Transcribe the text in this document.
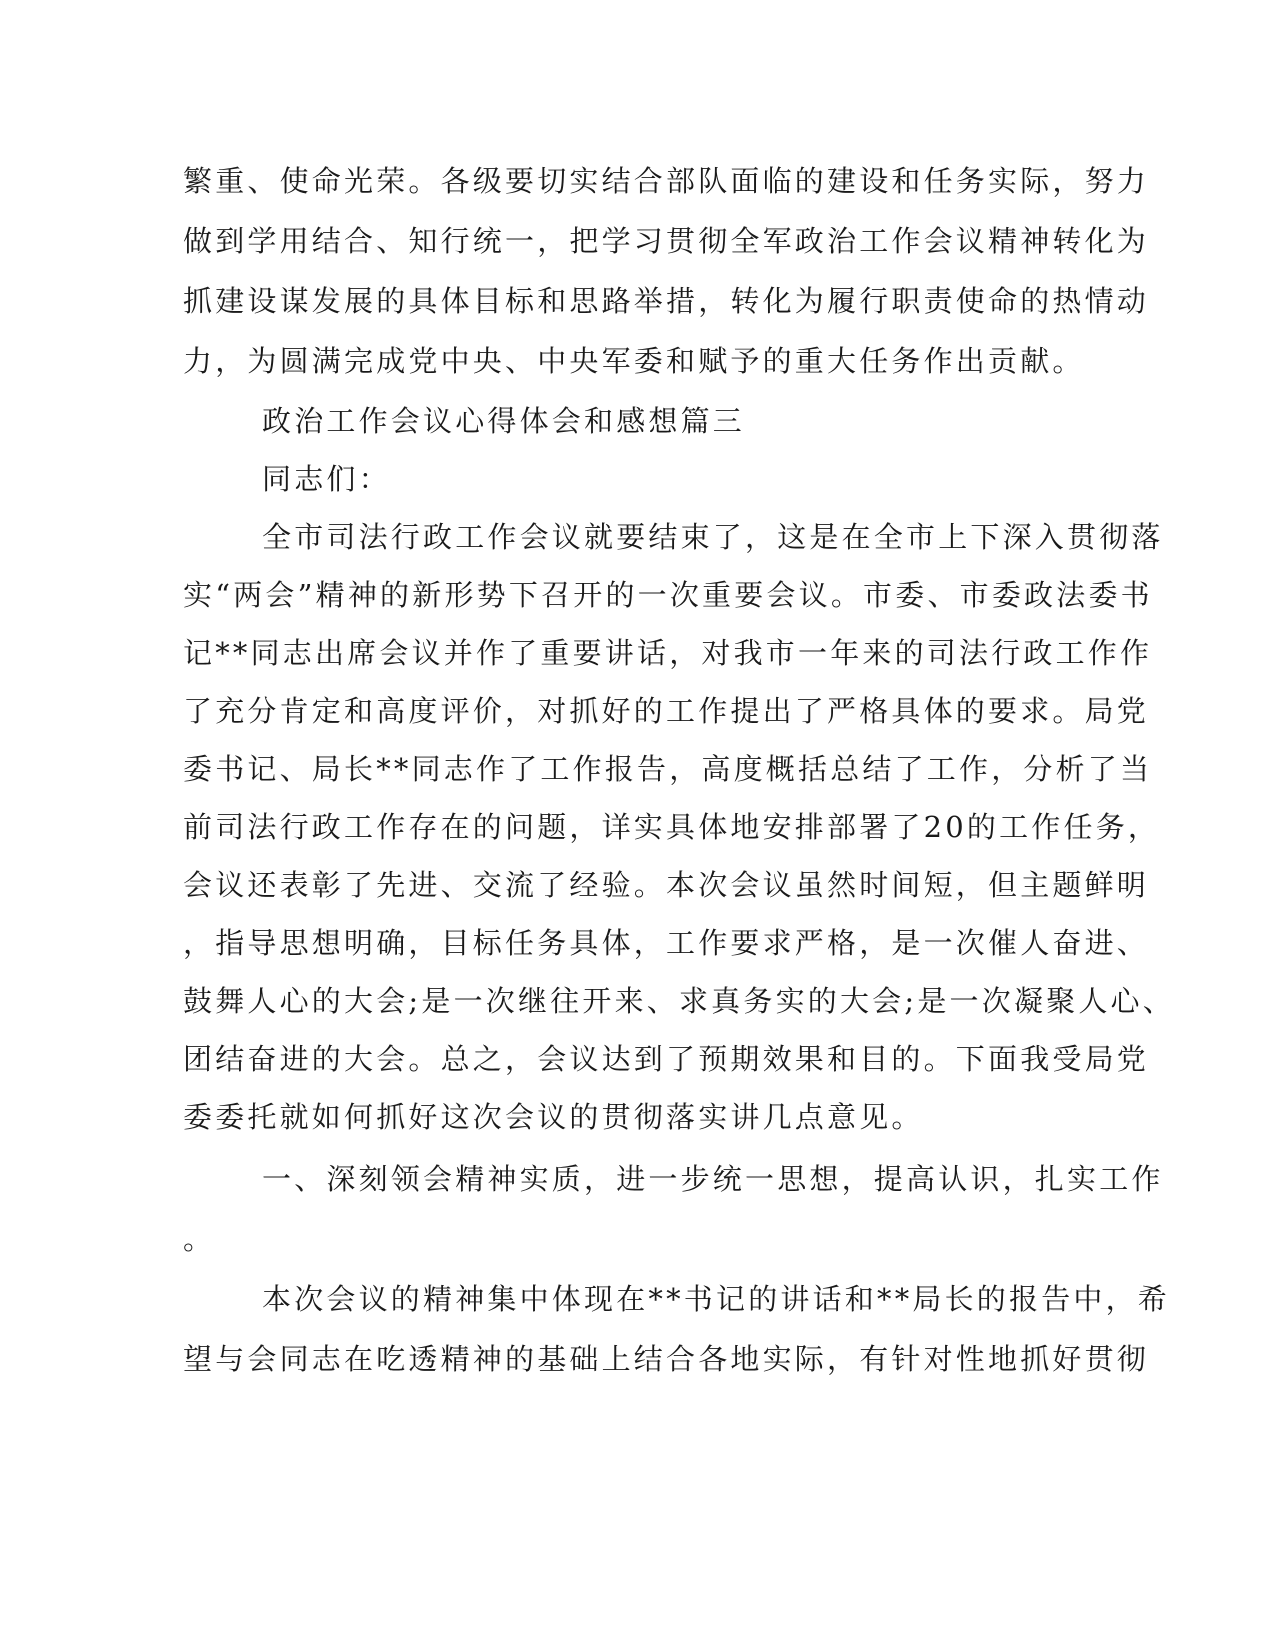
繁重、使命光荣。各级要切实结合部队面临的建设和任务实际，努力
做到学用结合、知行统一，把学习贯彻全军政治工作会议精神转化为
抓建设谋发展的具体目标和思路举措，转化为履行职责使命的热情动
力，为圆满完成党中央、中央军委和赋予的重大任务作出贡献。
政治工作会议心得体会和感想篇三
同志们：
全市司法行政工作会议就要结束了，这是在全市上下深入贯彻落
实“两会”精神的新形势下召开的一次重要会议。市委、市委政法委书
记**同志出席会议并作了重要讲话，对我市一年来的司法行政工作作
了充分肯定和高度评价，对抓好的工作提出了严格具体的要求。局党
委书记、局长**同志作了工作报告，高度概括总结了工作，分析了当
前司法行政工作存在的问题，详实具体地安排部署了20的工作任务，
会议还表彰了先进、交流了经验。本次会议虽然时间短，但主题鲜明
，指导思想明确，目标任务具体，工作要求严格，是一次催人奋进、
鼓舞人心的大会;是一次继往开来、求真务实的大会;是一次凝聚人心、
团结奋进的大会。总之，会议达到了预期效果和目的。下面我受局党
委委托就如何抓好这次会议的贯彻落实讲几点意见。
一、深刻领会精神实质，进一步统一思想，提高认识，扎实工作
。
本次会议的精神集中体现在**书记的讲话和**局长的报告中，希
望与会同志在吃透精神的基础上结合各地实际，有针对性地抓好贯彻
